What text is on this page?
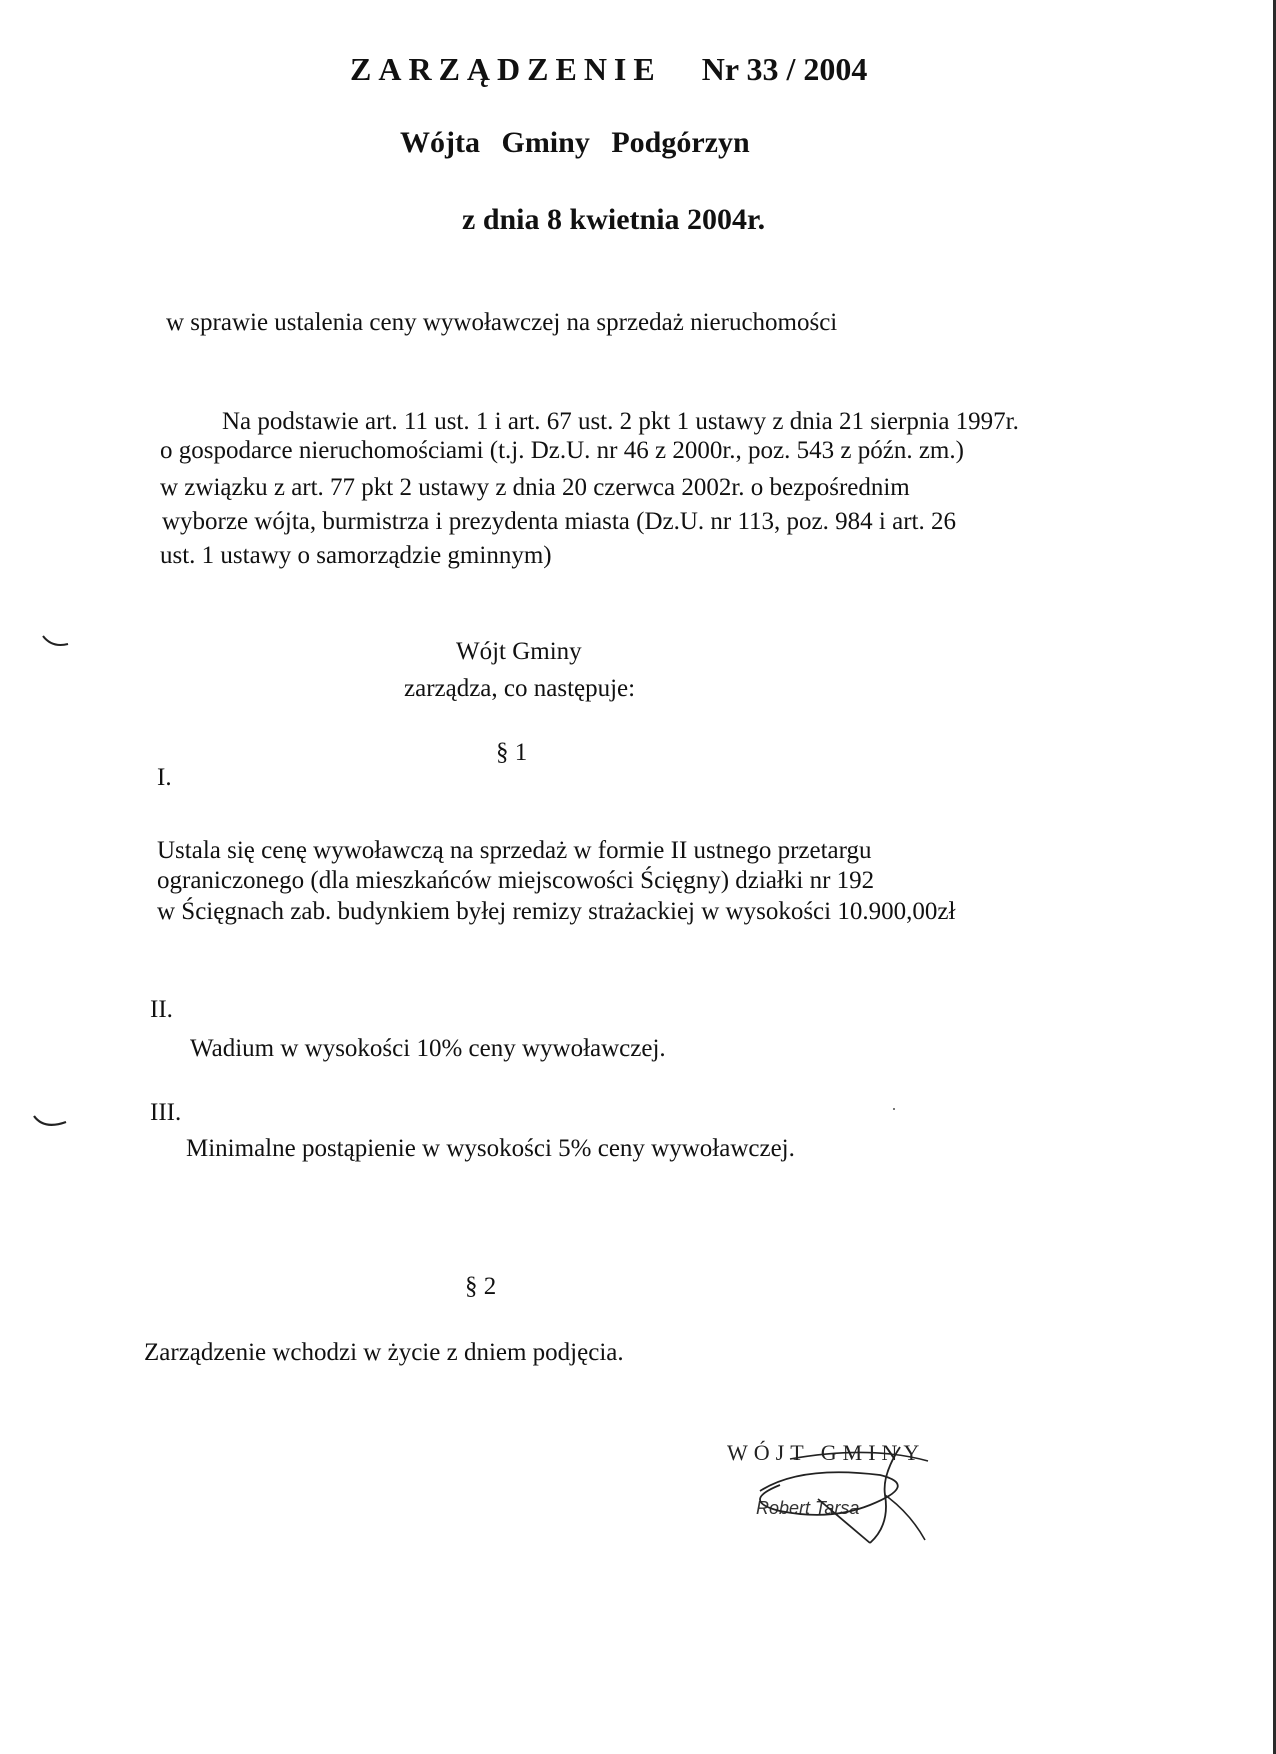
ZARZĄDZENIE Nr 33 / 2004
Wójta Gminy Podgórzyn
z dnia 8 kwietnia 2004r.
w sprawie ustalenia ceny wywoławczej na sprzedaż nieruchomości
Na podstawie art. 11 ust. 1 i art. 67 ust. 2 pkt 1 ustawy z dnia 21 sierpnia 1997r.
o gospodarce nieruchomościami (t.j. Dz.U. nr 46 z 2000r., poz. 543 z późn. zm.)
w związku z art. 77 pkt 2 ustawy z dnia 20 czerwca 2002r. o bezpośrednim
wyborze wójta, burmistrza i prezydenta miasta (Dz.U. nr 113, poz. 984 i art. 26
ust. 1 ustawy o samorządzie gminnym)
Wójt Gminy
zarządza, co następuje:
§ 1
I.
Ustala się cenę wywoławczą na sprzedaż w formie II ustnego przetargu
ograniczonego (dla mieszkańców miejscowości Ścięgny) działki nr 192
w Ścięgnach zab. budynkiem byłej remizy strażackiej w wysokości 10.900,00zł
II.
Wadium w wysokości 10% ceny wywoławczej.
III.
Minimalne postąpienie w wysokości 5% ceny wywoławczej.
§ 2
Zarządzenie wchodzi w życie z dniem podjęcia.
WÓJT GMINY
Robert Tarsa
